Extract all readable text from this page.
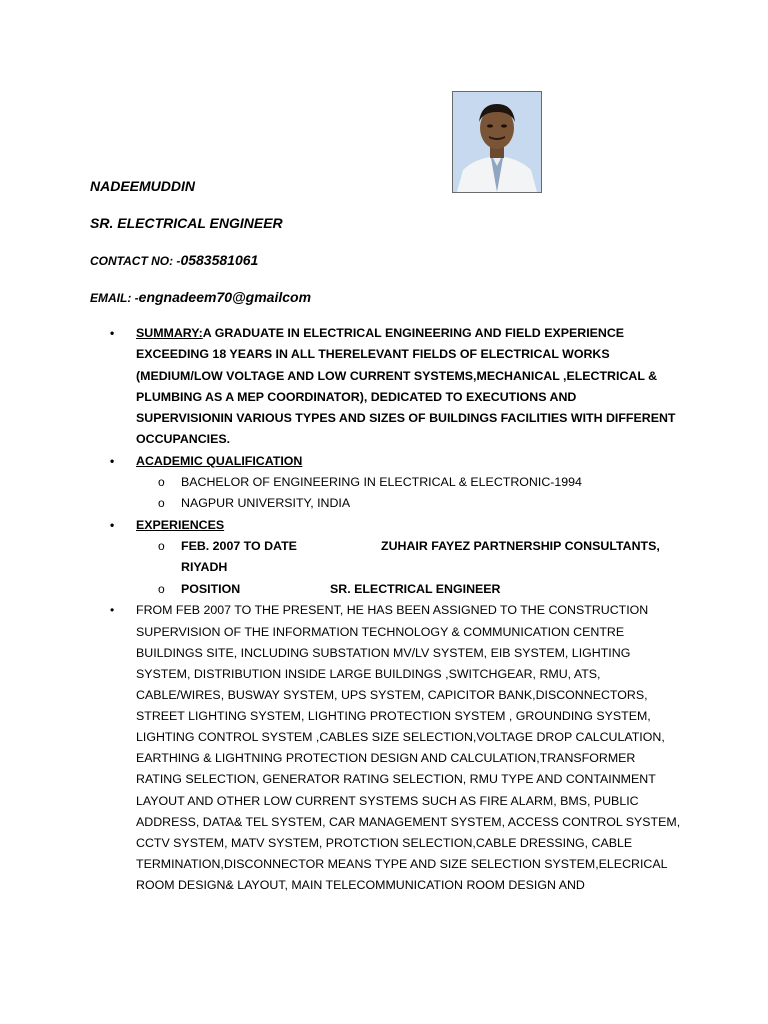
NADEEMUDDIN
SR. ELECTRICAL ENGINEER
CONTACT NO: -0583581061
EMAIL: -engnadeem70@gmailcom
• SUMMARY:A GRADUATE IN ELECTRICAL ENGINEERING AND FIELD EXPERIENCE
EXCEEDING 18 YEARS IN ALL THERELEVANT FIELDS OF ELECTRICAL WORKS
(MEDIUM/LOW VOLTAGE AND LOW CURRENT SYSTEMS,MECHANICAL ,ELECTRICAL &
PLUMBING AS A MEP COORDINATOR), DEDICATED TO EXECUTIONS AND
SUPERVISIONIN VARIOUS TYPES AND SIZES OF BUILDINGS FACILITIES WITH DIFFERENT
OCCUPANCIES.
• ACADEMIC QUALIFICATION
o BACHELOR OF ENGINEERING IN ELECTRICAL & ELECTRONIC-1994
o NAGPUR UNIVERSITY, INDIA
• EXPERIENCES
o FEB. 2007 TO DATE	ZUHAIR FAYEZ PARTNERSHIP CONSULTANTS,
RIYADH
o POSITION	SR. ELECTRICAL ENGINEER
• FROM FEB 2007 TO THE PRESENT, HE HAS BEEN ASSIGNED TO THE CONSTRUCTION
SUPERVISION OF THE INFORMATION TECHNOLOGY & COMMUNICATION CENTRE
BUILDINGS SITE, INCLUDING SUBSTATION MV/LV SYSTEM, EIB SYSTEM, LIGHTING
SYSTEM, DISTRIBUTION INSIDE LARGE BUILDINGS ,SWITCHGEAR, RMU, ATS,
CABLE/WIRES, BUSWAY SYSTEM, UPS SYSTEM, CAPICITOR BANK,DISCONNECTORS,
STREET LIGHTING SYSTEM, LIGHTING PROTECTION SYSTEM , GROUNDING SYSTEM,
LIGHTING CONTROL SYSTEM ,CABLES SIZE SELECTION,VOLTAGE DROP CALCULATION,
EARTHING & LIGHTNING PROTECTION DESIGN AND CALCULATION,TRANSFORMER
RATING SELECTION, GENERATOR RATING SELECTION, RMU TYPE AND CONTAINMENT
LAYOUT AND OTHER LOW CURRENT SYSTEMS SUCH AS FIRE ALARM, BMS, PUBLIC
ADDRESS, DATA& TEL SYSTEM, CAR MANAGEMENT SYSTEM, ACCESS CONTROL SYSTEM,
CCTV SYSTEM, MATV SYSTEM, PROTCTION SELECTION,CABLE DRESSING, CABLE
TERMINATION,DISCONNECTOR MEANS TYPE AND SIZE SELECTION SYSTEM,ELECRICAL
ROOM DESIGN& LAYOUT, MAIN TELECOMMUNICATION ROOM DESIGN AND
